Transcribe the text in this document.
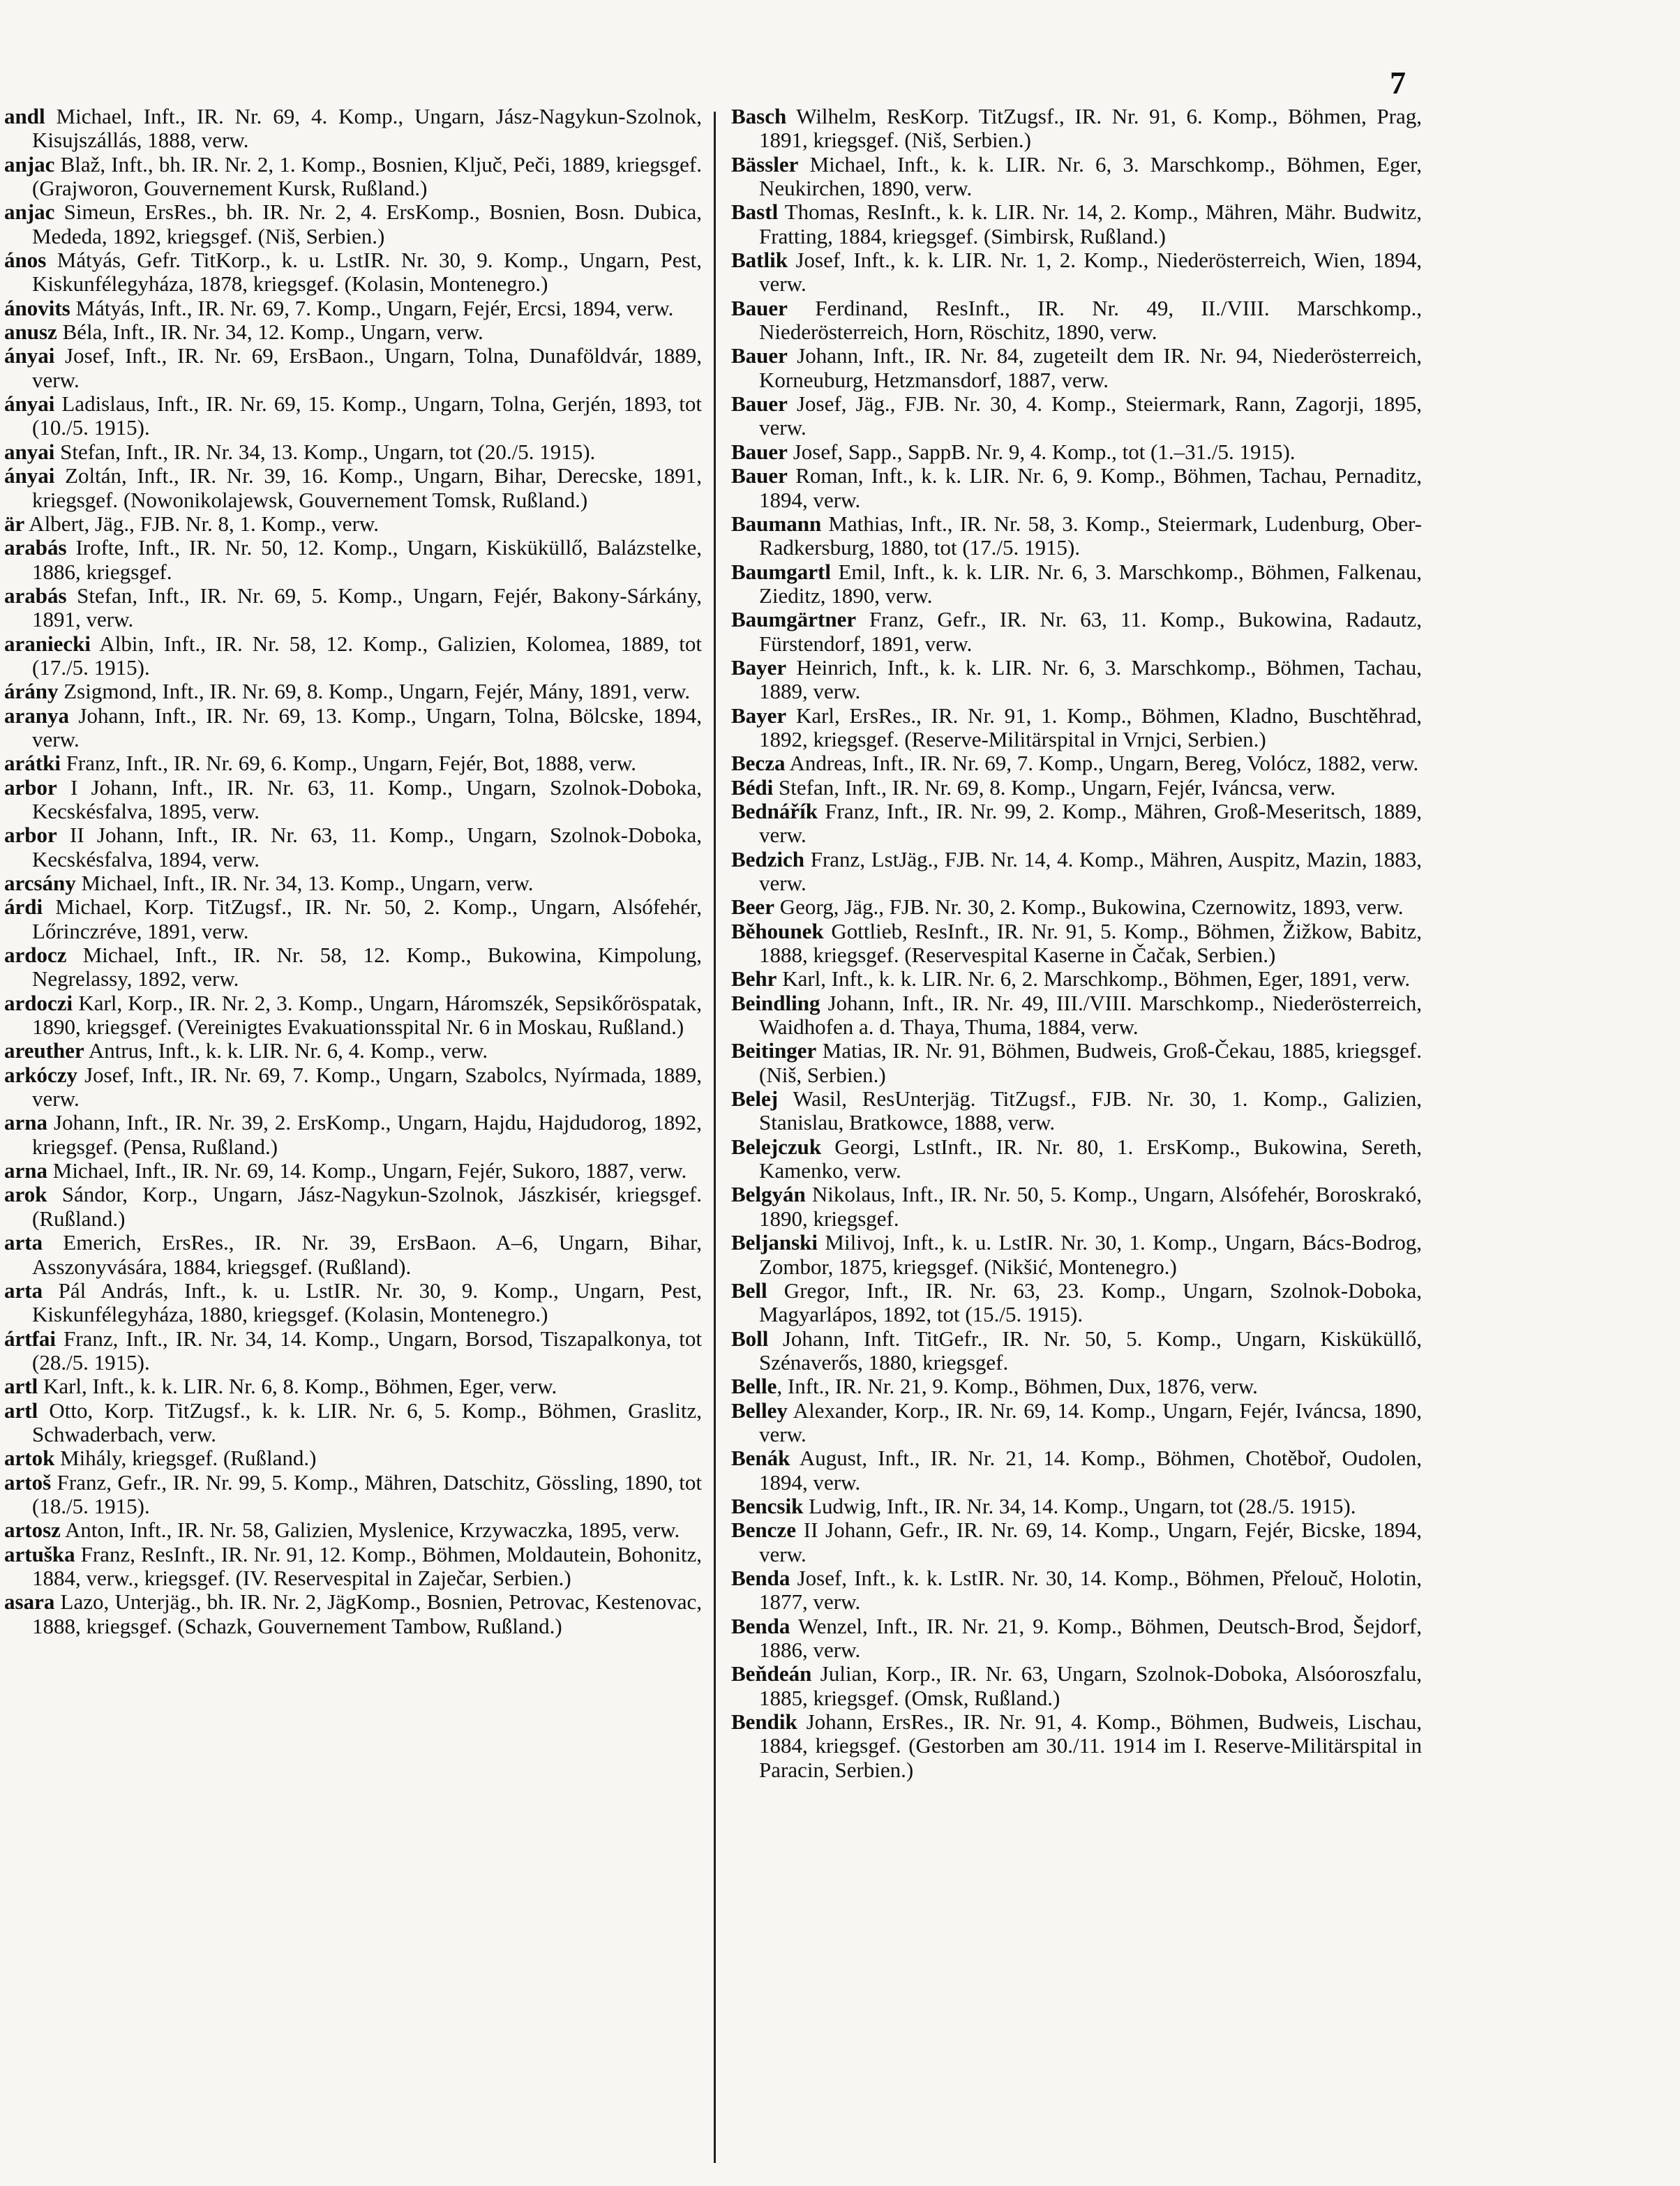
7
andl Michael, Inft., IR. Nr. 69, 4. Komp., Ungarn, Jász-Nagykun-Szolnok, Kisujszállás, 1888, verw.
anjac Blaž, Inft., bh. IR. Nr. 2, 1. Komp., Bosnien, Ključ, Peči, 1889, kriegsgef. (Grajworon, Gouvernement Kursk, Rußland.)
anjac Simeun, ErsRes., bh. IR. Nr. 2, 4. ErsKomp., Bosnien, Bosn. Dubica, Mededa, 1892, kriegsgef. (Niš, Serbien.)
ános Mátyás, Gefr. TitKorp., k. u. LstIR. Nr. 30, 9. Komp., Ungarn, Pest, Kiskunfélegyháza, 1878, kriegsgef. (Kolasin, Montenegro.)
ánovits Mátyás, Inft., IR. Nr. 69, 7. Komp., Ungarn, Fejér, Ercsi, 1894, verw.
anusz Béla, Inft., IR. Nr. 34, 12. Komp., Ungarn, verw.
ányai Josef, Inft., IR. Nr. 69, ErsBaon., Ungarn, Tolna, Dunaföldvár, 1889, verw.
ányai Ladislaus, Inft., IR. Nr. 69, 15. Komp., Ungarn, Tolna, Gerjén, 1893, tot (10./5. 1915).
anyai Stefan, Inft., IR. Nr. 34, 13. Komp., Ungarn, tot (20./5. 1915).
ányai Zoltán, Inft., IR. Nr. 39, 16. Komp., Ungarn, Bihar, Derecske, 1891, kriegsgef. (Nowonikolajewsk, Gouvernement Tomsk, Rußland.)
är Albert, Jäg., FJB. Nr. 8, 1. Komp., verw.
arabás Irofte, Inft., IR. Nr. 50, 12. Komp., Ungarn, Kisküküllő, Balázstelke, 1886, kriegsgef.
arabás Stefan, Inft., IR. Nr. 69, 5. Komp., Ungarn, Fejér, Bakony-Sárkány, 1891, verw.
araniecki Albin, Inft., IR. Nr. 58, 12. Komp., Galizien, Kolomea, 1889, tot (17./5. 1915).
árány Zsigmond, Inft., IR. Nr. 69, 8. Komp., Ungarn, Fejér, Mány, 1891, verw.
aranya Johann, Inft., IR. Nr. 69, 13. Komp., Ungarn, Tolna, Bölcske, 1894, verw.
arátki Franz, Inft., IR. Nr. 69, 6. Komp., Ungarn, Fejér, Bot, 1888, verw.
arbor I Johann, Inft., IR. Nr. 63, 11. Komp., Ungarn, Szolnok-Doboka, Kecskésfalva, 1895, verw.
arbor II Johann, Inft., IR. Nr. 63, 11. Komp., Ungarn, Szolnok-Doboka, Kecskésfalva, 1894, verw.
arcsány Michael, Inft., IR. Nr. 34, 13. Komp., Ungarn, verw.
árdi Michael, Korp. TitZugsf., IR. Nr. 50, 2. Komp., Ungarn, Alsófehér, Lőrinczréve, 1891, verw.
ardocz Michael, Inft., IR. Nr. 58, 12. Komp., Bukowina, Kimpolung, Negrelassy, 1892, verw.
ardoczi Karl, Korp., IR. Nr. 2, 3. Komp., Ungarn, Háromszék, Sepsikőröspatak, 1890, kriegsgef. (Vereinigtes Evakuationsspital Nr. 6 in Moskau, Rußland.)
areuther Antrus, Inft., k. k. LIR. Nr. 6, 4. Komp., verw.
arkóczy Josef, Inft., IR. Nr. 69, 7. Komp., Ungarn, Szabolcs, Nyírmada, 1889, verw.
arna Johann, Inft., IR. Nr. 39, 2. ErsKomp., Ungarn, Hajdu, Hajdudorog, 1892, kriegsgef. (Pensa, Rußland.)
arna Michael, Inft., IR. Nr. 69, 14. Komp., Ungarn, Fejér, Sukoro, 1887, verw.
arok Sándor, Korp., Ungarn, Jász-Nagykun-Szolnok, Jászkisér, kriegsgef. (Rußland.)
arta Emerich, ErsRes., IR. Nr. 39, ErsBaon. A–6, Ungarn, Bihar, Asszonyvására, 1884, kriegsgef. (Rußland).
arta Pál András, Inft., k. u. LstIR. Nr. 30, 9. Komp., Ungarn, Pest, Kiskunfélegyháza, 1880, kriegsgef. (Kolasin, Montenegro.)
ártfai Franz, Inft., IR. Nr. 34, 14. Komp., Ungarn, Borsod, Tiszapalkonya, tot (28./5. 1915).
artl Karl, Inft., k. k. LIR. Nr. 6, 8. Komp., Böhmen, Eger, verw.
artl Otto, Korp. TitZugsf., k. k. LIR. Nr. 6, 5. Komp., Böhmen, Graslitz, Schwaderbach, verw.
artok Mihály, kriegsgef. (Rußland.)
artoš Franz, Gefr., IR. Nr. 99, 5. Komp., Mähren, Datschitz, Gössling, 1890, tot (18./5. 1915).
artosz Anton, Inft., IR. Nr. 58, Galizien, Myslenice, Krzywaczka, 1895, verw.
artuška Franz, ResInft., IR. Nr. 91, 12. Komp., Böhmen, Moldautein, Bohonitz, 1884, verw., kriegsgef. (IV. Reservespital in Zaječar, Serbien.)
asara Lazo, Unterjäg., bh. IR. Nr. 2, JägKomp., Bosnien, Petrovac, Kestenovac, 1888, kriegsgef. (Schazk, Gouvernement Tambow, Rußland.)
Basch Wilhelm, ResKorp. TitZugsf., IR. Nr. 91, 6. Komp., Böhmen, Prag, 1891, kriegsgef. (Niš, Serbien.)
Bässler Michael, Inft., k. k. LIR. Nr. 6, 3. Marschkomp., Böhmen, Eger, Neukirchen, 1890, verw.
Bastl Thomas, ResInft., k. k. LIR. Nr. 14, 2. Komp., Mähren, Mähr. Budwitz, Fratting, 1884, kriegsgef. (Simbirsk, Rußland.)
Batlik Josef, Inft., k. k. LIR. Nr. 1, 2. Komp., Niederösterreich, Wien, 1894, verw.
Bauer Ferdinand, ResInft., IR. Nr. 49, II./VIII. Marschkomp., Niederösterreich, Horn, Röschitz, 1890, verw.
Bauer Johann, Inft., IR. Nr. 84, zugeteilt dem IR. Nr. 94, Niederösterreich, Korneuburg, Hetzmansdorf, 1887, verw.
Bauer Josef, Jäg., FJB. Nr. 30, 4. Komp., Steiermark, Rann, Zagorji, 1895, verw.
Bauer Josef, Sapp., SappB. Nr. 9, 4. Komp., tot (1.–31./5. 1915).
Bauer Roman, Inft., k. k. LIR. Nr. 6, 9. Komp., Böhmen, Tachau, Pernaditz, 1894, verw.
Baumann Mathias, Inft., IR. Nr. 58, 3. Komp., Steiermark, Ludenburg, Ober-Radkersburg, 1880, tot (17./5. 1915).
Baumgartl Emil, Inft., k. k. LIR. Nr. 6, 3. Marschkomp., Böhmen, Falkenau, Zieditz, 1890, verw.
Baumgärtner Franz, Gefr., IR. Nr. 63, 11. Komp., Bukowina, Radautz, Fürstendorf, 1891, verw.
Bayer Heinrich, Inft., k. k. LIR. Nr. 6, 3. Marschkomp., Böhmen, Tachau, 1889, verw.
Bayer Karl, ErsRes., IR. Nr. 91, 1. Komp., Böhmen, Kladno, Buschtěhrad, 1892, kriegsgef. (Reserve-Militärspital in Vrnjci, Serbien.)
Becza Andreas, Inft., IR. Nr. 69, 7. Komp., Ungarn, Bereg, Volócz, 1882, verw.
Bédi Stefan, Inft., IR. Nr. 69, 8. Komp., Ungarn, Fejér, Iváncsa, verw.
Bednářík Franz, Inft., IR. Nr. 99, 2. Komp., Mähren, Groß-Meseritsch, 1889, verw.
Bedzich Franz, LstJäg., FJB. Nr. 14, 4. Komp., Mähren, Auspitz, Mazin, 1883, verw.
Beer Georg, Jäg., FJB. Nr. 30, 2. Komp., Bukowina, Czernowitz, 1893, verw.
Běhounek Gottlieb, ResInft., IR. Nr. 91, 5. Komp., Böhmen, Žižkow, Babitz, 1888, kriegsgef. (Reservespital Kaserne in Čačak, Serbien.)
Behr Karl, Inft., k. k. LIR. Nr. 6, 2. Marschkomp., Böhmen, Eger, 1891, verw.
Beindling Johann, Inft., IR. Nr. 49, III./VIII. Marschkomp., Niederösterreich, Waidhofen a. d. Thaya, Thuma, 1884, verw.
Beitinger Matias, IR. Nr. 91, Böhmen, Budweis, Groß-Čekau, 1885, kriegsgef. (Niš, Serbien.)
Belej Wasil, ResUnterjäg. TitZugsf., FJB. Nr. 30, 1. Komp., Galizien, Stanislau, Bratkowce, 1888, verw.
Belejczuk Georgi, LstInft., IR. Nr. 80, 1. ErsKomp., Bukowina, Sereth, Kamenko, verw.
Belgyán Nikolaus, Inft., IR. Nr. 50, 5. Komp., Ungarn, Alsófehér, Boroskrakó, 1890, kriegsgef.
Beljanski Milivoj, Inft., k. u. LstIR. Nr. 30, 1. Komp., Ungarn, Bács-Bodrog, Zombor, 1875, kriegsgef. (Nikšić, Montenegro.)
Bell Gregor, Inft., IR. Nr. 63, 23. Komp., Ungarn, Szolnok-Doboka, Magyarlápos, 1892, tot (15./5. 1915).
Boll Johann, Inft. TitGefr., IR. Nr. 50, 5. Komp., Ungarn, Kisküküllő, Szénaverős, 1880, kriegsgef.
Belle, Inft., IR. Nr. 21, 9. Komp., Böhmen, Dux, 1876, verw.
Belley Alexander, Korp., IR. Nr. 69, 14. Komp., Ungarn, Fejér, Iváncsa, 1890, verw.
Benák August, Inft., IR. Nr. 21, 14. Komp., Böhmen, Chotěboř, Oudolen, 1894, verw.
Bencsik Ludwig, Inft., IR. Nr. 34, 14. Komp., Ungarn, tot (28./5. 1915).
Bencze II Johann, Gefr., IR. Nr. 69, 14. Komp., Ungarn, Fejér, Bicske, 1894, verw.
Benda Josef, Inft., k. k. LstIR. Nr. 30, 14. Komp., Böhmen, Přelouč, Holotin, 1877, verw.
Benda Wenzel, Inft., IR. Nr. 21, 9. Komp., Böhmen, Deutsch-Brod, Šejdorf, 1886, verw.
Beňdeán Julian, Korp., IR. Nr. 63, Ungarn, Szolnok-Doboka, Alsóoroszfalu, 1885, kriegsgef. (Omsk, Rußland.)
Bendik Johann, ErsRes., IR. Nr. 91, 4. Komp., Böhmen, Budweis, Lischau, 1884, kriegsgef. (Gestorben am 30./11. 1914 im I. Reserve-Militärspital in Paracin, Serbien.)
